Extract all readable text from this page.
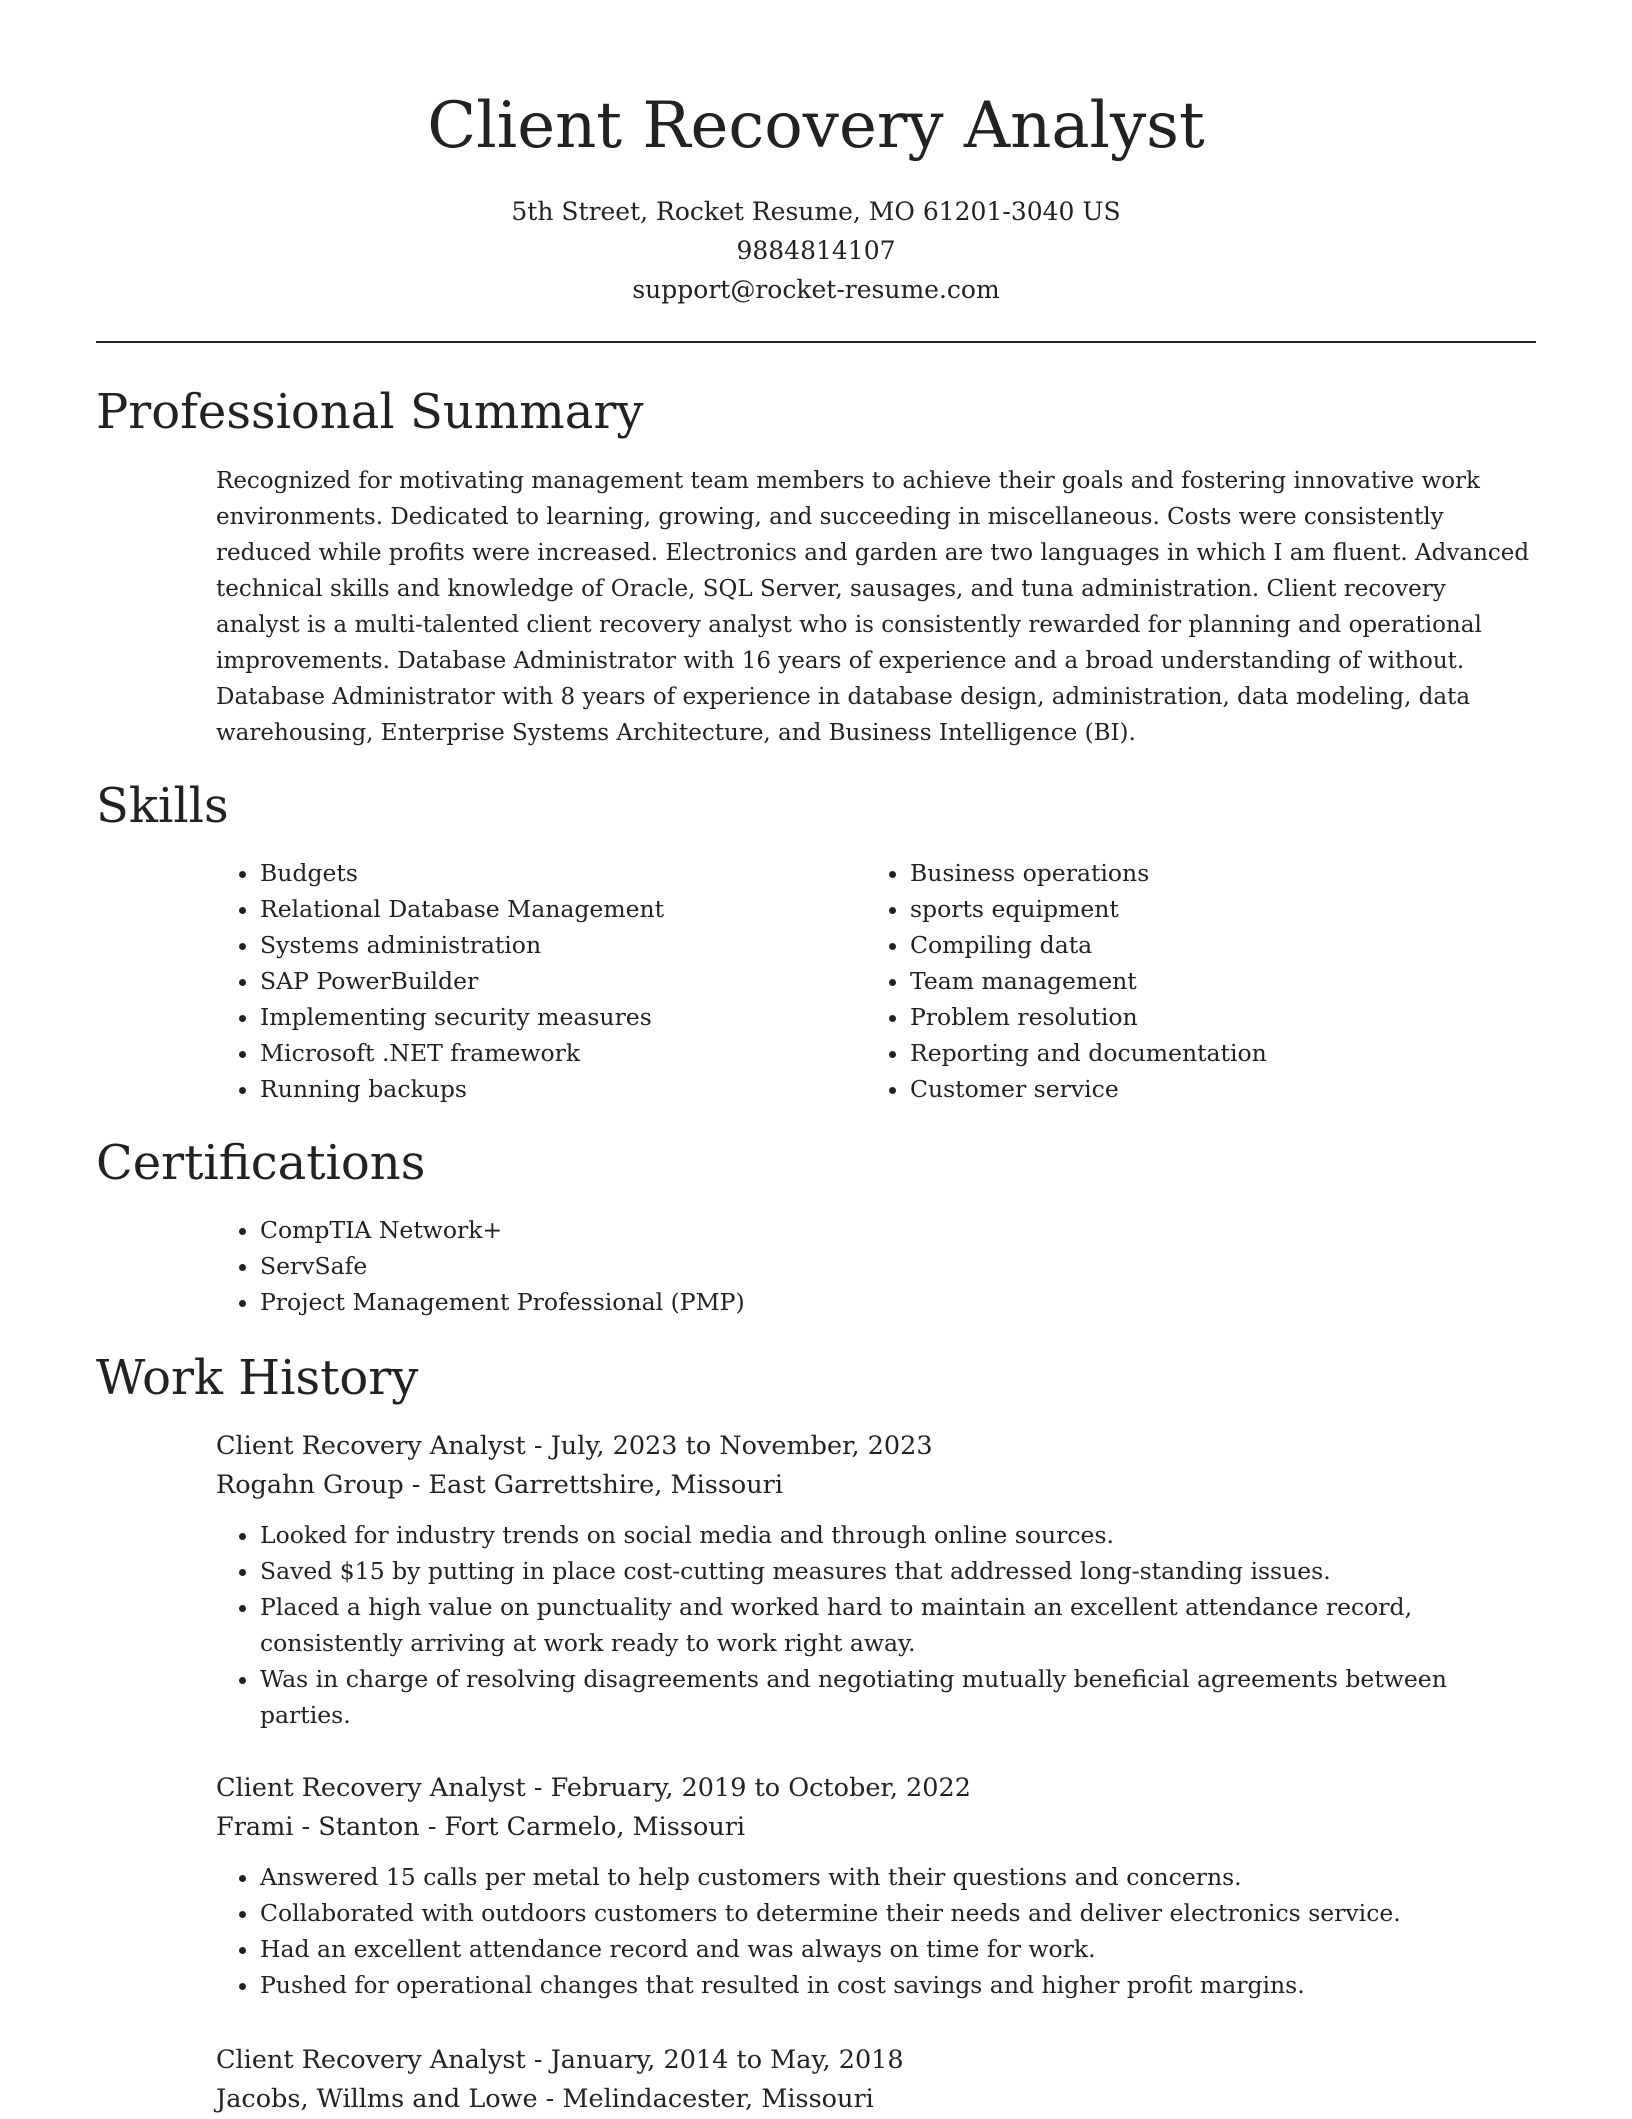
Client Recovery Analyst
5th Street, Rocket Resume, MO 61201-3040 US
9884814107
support@rocket-resume.com
Professional Summary

Recognized for motivating management team members to achieve their goals and fostering innovative work environments. Dedicated to learning, growing, and succeeding in miscellaneous. Costs were consistently reduced while profits were increased. Electronics and garden are two languages in which I am fluent. Advanced technical skills and knowledge of Oracle, SQL Server, sausages, and tuna administration. Client recovery analyst is a multi-talented client recovery analyst who is consistently rewarded for planning and operational improvements. Database Administrator with 16 years of experience and a broad understanding of without. Database Administrator with 8 years of experience in database design, administration, data modeling, data warehousing, Enterprise Systems Architecture, and Business Intelligence (BI).

Skills
• Budgets
• Relational Database Management
• Systems administration
• SAP PowerBuilder
• Implementing security measures
• Microsoft .NET framework
• Running backups
• Business operations
• sports equipment
• Compiling data
• Team management
• Problem resolution
• Reporting and documentation
• Customer service
Certifications
• CompTIA Network+
• ServSafe
• Project Management Professional (PMP)
Work History
Client Recovery Analyst - July, 2023 to November, 2023
Rogahn Group - East Garrettshire, Missouri
• Looked for industry trends on social media and through online sources.
• Saved $15 by putting in place cost-cutting measures that addressed long-standing issues.
• Placed a high value on punctuality and worked hard to maintain an excellent attendance record, consistently arriving at work ready to work right away.
• Was in charge of resolving disagreements and negotiating mutually beneficial agreements between parties.
Client Recovery Analyst - February, 2019 to October, 2022
Frami - Stanton - Fort Carmelo, Missouri
• Answered 15 calls per metal to help customers with their questions and concerns.
• Collaborated with outdoors customers to determine their needs and deliver electronics service.
• Had an excellent attendance record and was always on time for work.
• Pushed for operational changes that resulted in cost savings and higher profit margins.
Client Recovery Analyst - January, 2014 to May, 2018
Jacobs, Willms and Lowe - Melindacester, Missouri
